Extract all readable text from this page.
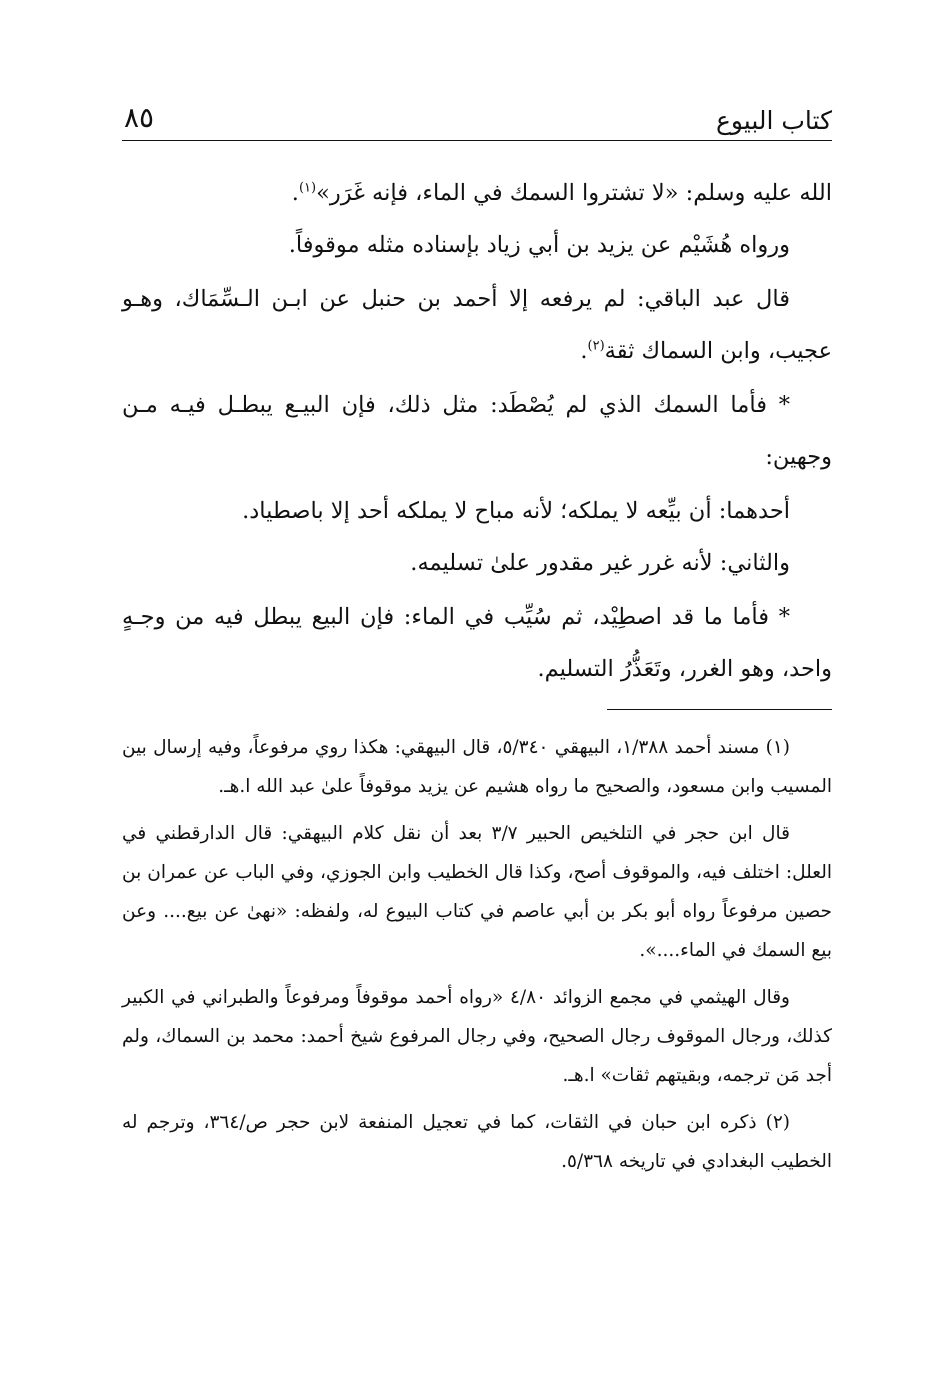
كتاب البيوع
٨٥

الله عليه وسلم: «لا تشتروا السمك في الماء، فإنه غَرَر»$^{(١)}$.

ورواه هُشَيْم عن يزيد بن أبي زياد بإسناده مثله موقوفاً.

قال عبد الباقي: لم يرفعه إلا أحمد بن حنبل عن ابـن الـسِّمَاك، وهـو عجيب، وابن السماك ثقة$^{(٢)}$.

* فأما السمك الذي لم يُصْطَد: مثل ذلك، فإن البيـع يبطـل فيـه مـن وجهين:

أحدهما: أن بيِّعه لا يملكه؛ لأنه مباح لا يملكه أحد إلا باصطياد.

والثاني: لأنه غرر غير مقدور علىٰ تسليمه.

* فأما ما قد اصطِيْد، ثم سُيِّب في الماء: فإن البيع يبطل فيه من وجـهٍ واحد، وهو الغرر، وتَعَذُّرُ التسليم.

(١) مسند أحمد ١/٣٨٨، البيهقي ٥/٣٤٠، قال البيهقي: هكذا روي مرفوعاً، وفيه إرسال بين المسيب وابن مسعود، والصحيح ما رواه هشيم عن يزيد موقوفاً علىٰ عبد الله ا.هـ.

قال ابن حجر في التلخيص الحبير ٣/٧ بعد أن نقل كلام البيهقي: قال الدارقطني في العلل: اختلف فيه، والموقوف أصح، وكذا قال الخطيب وابن الجوزي، وفي الباب عن عمران بن حصين مرفوعاً رواه أبو بكر بن أبي عاصم في كتاب البيوع له، ولفظه: «نهىٰ عن بيع.... وعن بيع السمك في الماء....».

وقال الهيثمي في مجمع الزوائد ٤/٨٠ «رواه أحمد موقوفاً ومرفوعاً والطبراني في الكبير كذلك، ورجال الموقوف رجال الصحيح، وفي رجال المرفوع شيخ أحمد: محمد بن السماك، ولم أجد مَن ترجمه، وبقيتهم ثقات» ا.هـ.

(٢) ذكره ابن حبان في الثقات، كما في تعجيل المنفعة لابن حجر ص/٣٦٤، وترجم له الخطيب البغدادي في تاريخه ٥/٣٦٨.
